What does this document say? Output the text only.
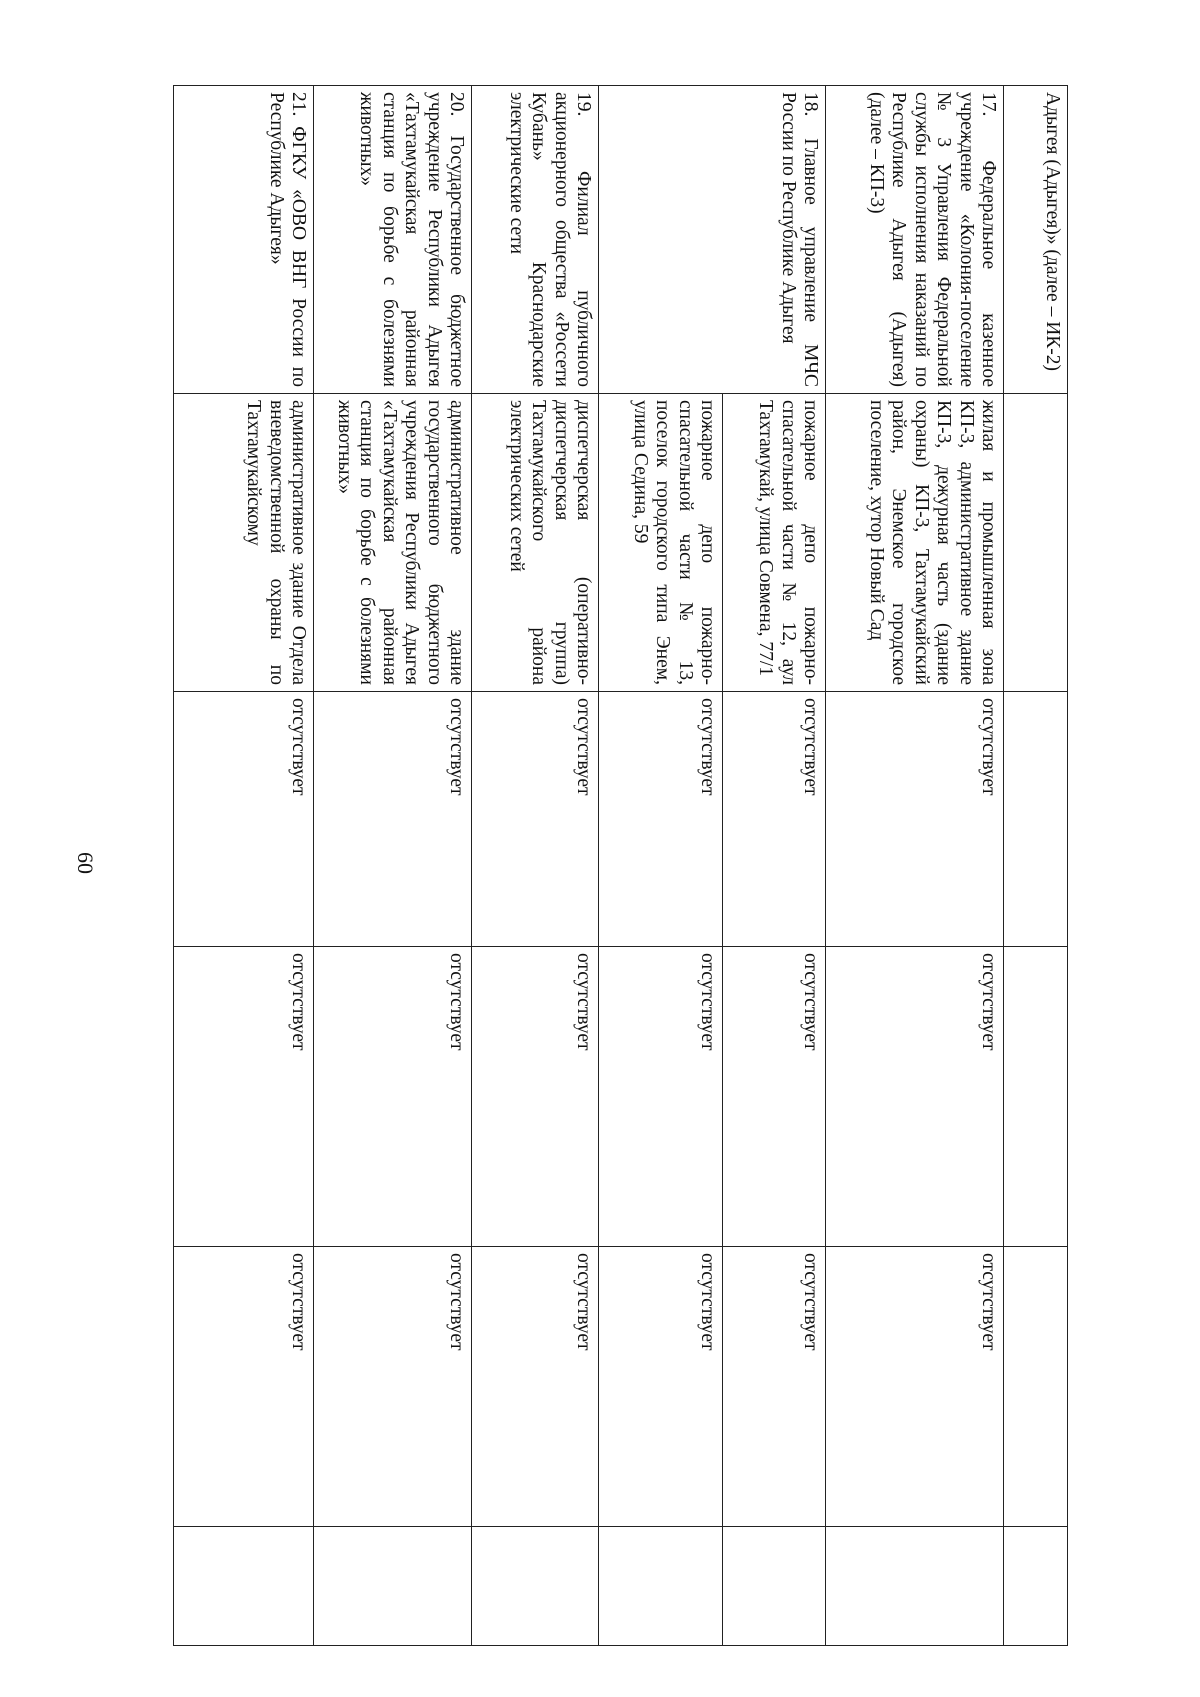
60
Адыгея (Адыгея)» (далее – ИК-2)					
17. Федеральное казенное учреждение «Колония-поселение № 3 Управления Федеральной службы исполнения наказаний по Республике Адыгея (Адыгея) (далее – КП-3)	жилая и промышленная зона КП-3, административное здание КП-3, дежурная часть (здание охраны) КП-3, Тахтамукайский район, Энемское городское поселение, хутор Новый Сад	отсутствует	отсутствует	отсутствует	
18. Главное управление МЧС России по Республике Адыгея	пожарное депо пожарно-спасательной части № 12, аул Тахтамукай, улица Совмена, 77/1	отсутствует	отсутствует	отсутствует	
	пожарное депо пожарно-спасательной части № 13, поселок городского типа Энем, улица Седина, 59	отсутствует	отсутствует	отсутствует	
19. Филиал публичного акционерного общества «Россети Кубань» Краснодарские электрические сети	диспетчерская (оперативно-диспетчерская группа) Тахтамукайского района электрических сетей	отсутствует	отсутствует	отсутствует	
20. Государственное бюджетное учреждение Республики Адыгея «Тахтамукайская районная станция по борьбе с болезнями животных»	административное здание государственного бюджетного учреждения Республики Адыгея «Тахтамукайская районная станция по борьбе с болезнями животных»	отсутствует	отсутствует	отсутствует	
21. ФГКУ «ОВО ВНГ России по Республике Адыгея»	административное здание Отдела вневедомственной охраны по Тахтамукайскому	отсутствует	отсутствует	отсутствует	
